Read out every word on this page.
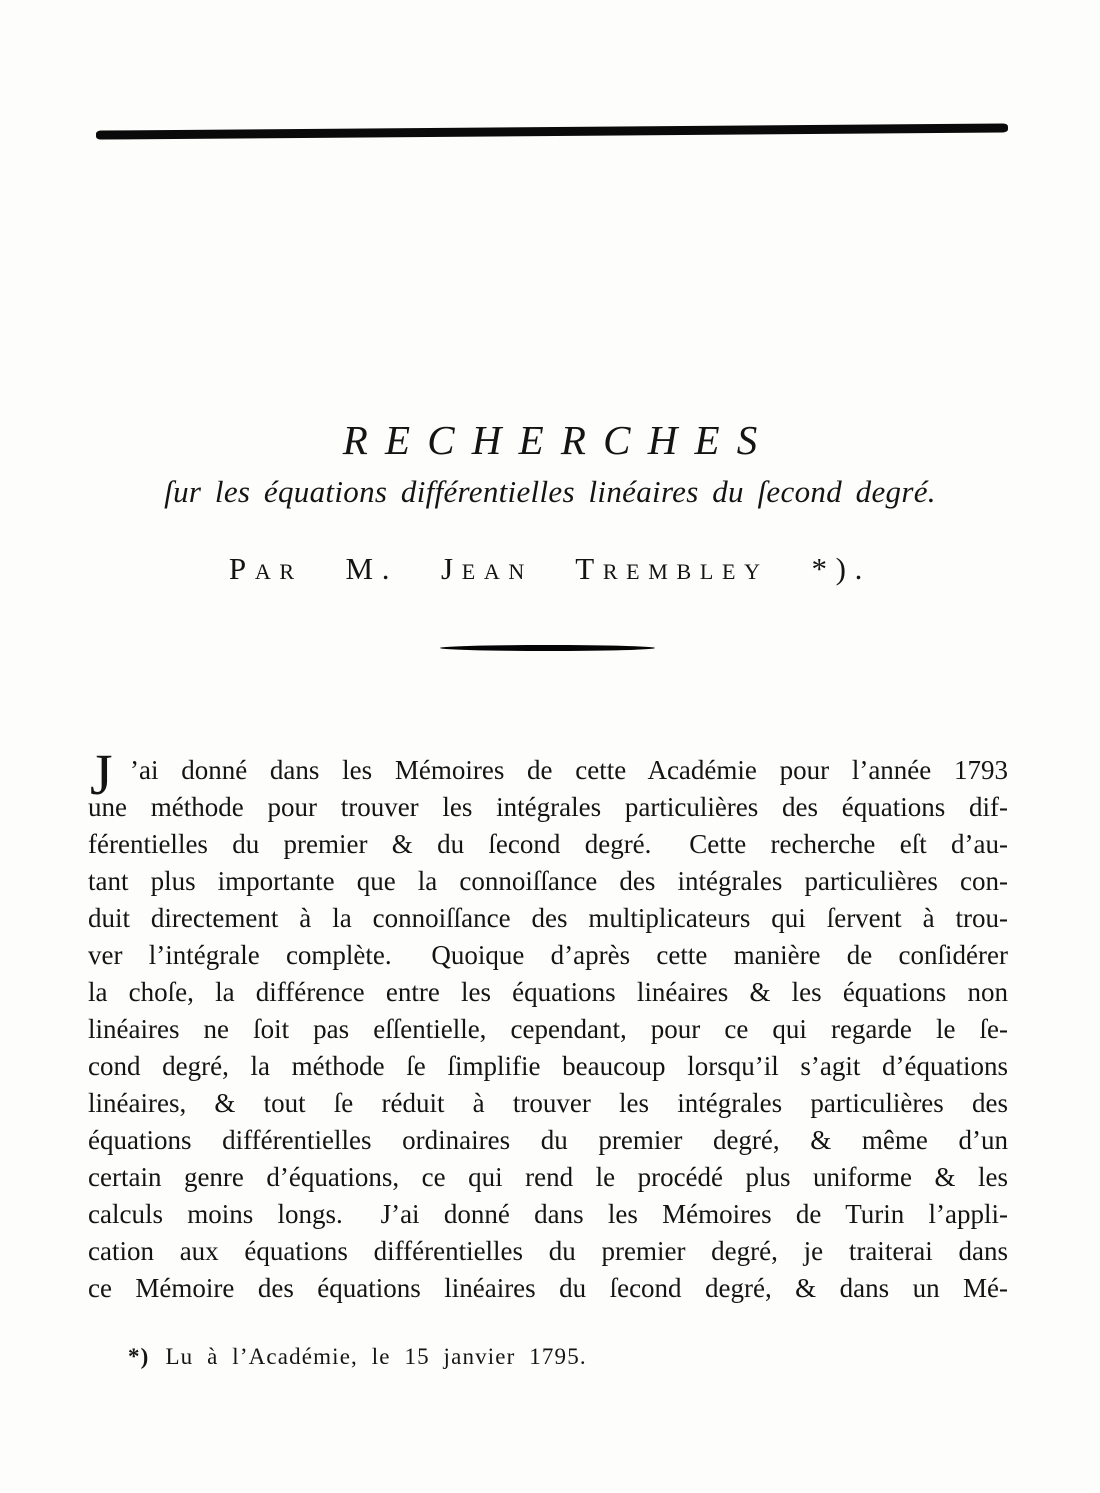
RECHERCHES
ſur les équations différentielles linéaires du ſecond degré.
Par M. Jean Trembley *).
J ’ai donné dans les Mémoires de cette Académie pour l’année 1793
une méthode pour trouver les intégrales particulières des équations dif-
férentielles du premier & du ſecond degré.  Cette recherche eſt d’au-
tant plus importante que la connoiſſance des intégrales particulières con-
duit directement à la connoiſſance des multiplicateurs qui ſervent à trou-
ver l’intégrale complète.  Quoique d’après cette manière de conſidérer
la choſe, la différence entre les équations linéaires & les équations non
linéaires ne ſoit pas eſſentielle, cependant, pour ce qui regarde le ſe-
cond degré, la méthode ſe ſimplifie beaucoup lorsqu’il s’agit d’équations
linéaires, & tout ſe réduit à trouver les intégrales particulières des
équations différentielles ordinaires du premier degré, & même d’un
certain genre d’équations, ce qui rend le procédé plus uniforme & les
calculs moins longs.  J’ai donné dans les Mémoires de Turin l’appli-
cation aux équations différentielles du premier degré, je traiterai dans
ce Mémoire des équations linéaires du ſecond degré, & dans un Mé-
*) Lu à l’Académie, le 15 janvier 1795.
